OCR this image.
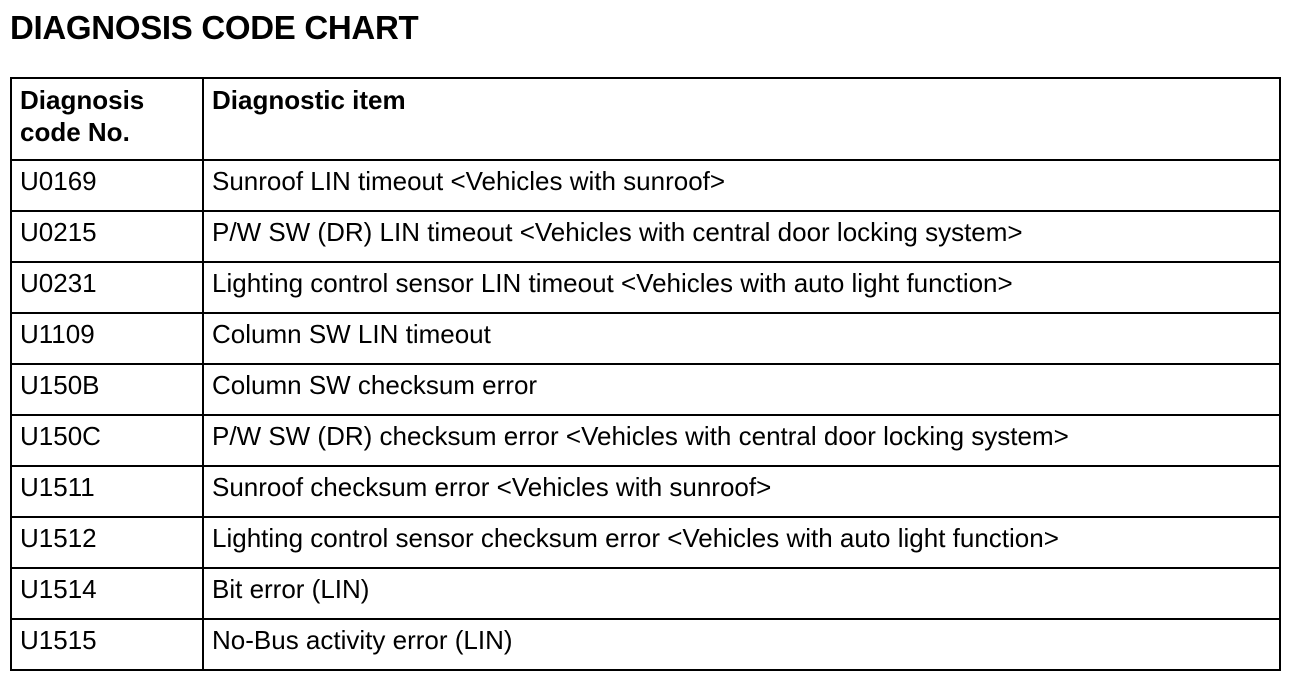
DIAGNOSIS CODE CHART
Diagnosis code No.	Diagnostic item
U0169	Sunroof LIN timeout <Vehicles with sunroof>
U0215	P/W SW (DR) LIN timeout <Vehicles with central door locking system>
U0231	Lighting control sensor LIN timeout <Vehicles with auto light function>
U1109	Column SW LIN timeout
U150B	Column SW checksum error
U150C	P/W SW (DR) checksum error <Vehicles with central door locking system>
U1511	Sunroof checksum error <Vehicles with sunroof>
U1512	Lighting control sensor checksum error <Vehicles with auto light function>
U1514	Bit error (LIN)
U1515	No-Bus activity error (LIN)
